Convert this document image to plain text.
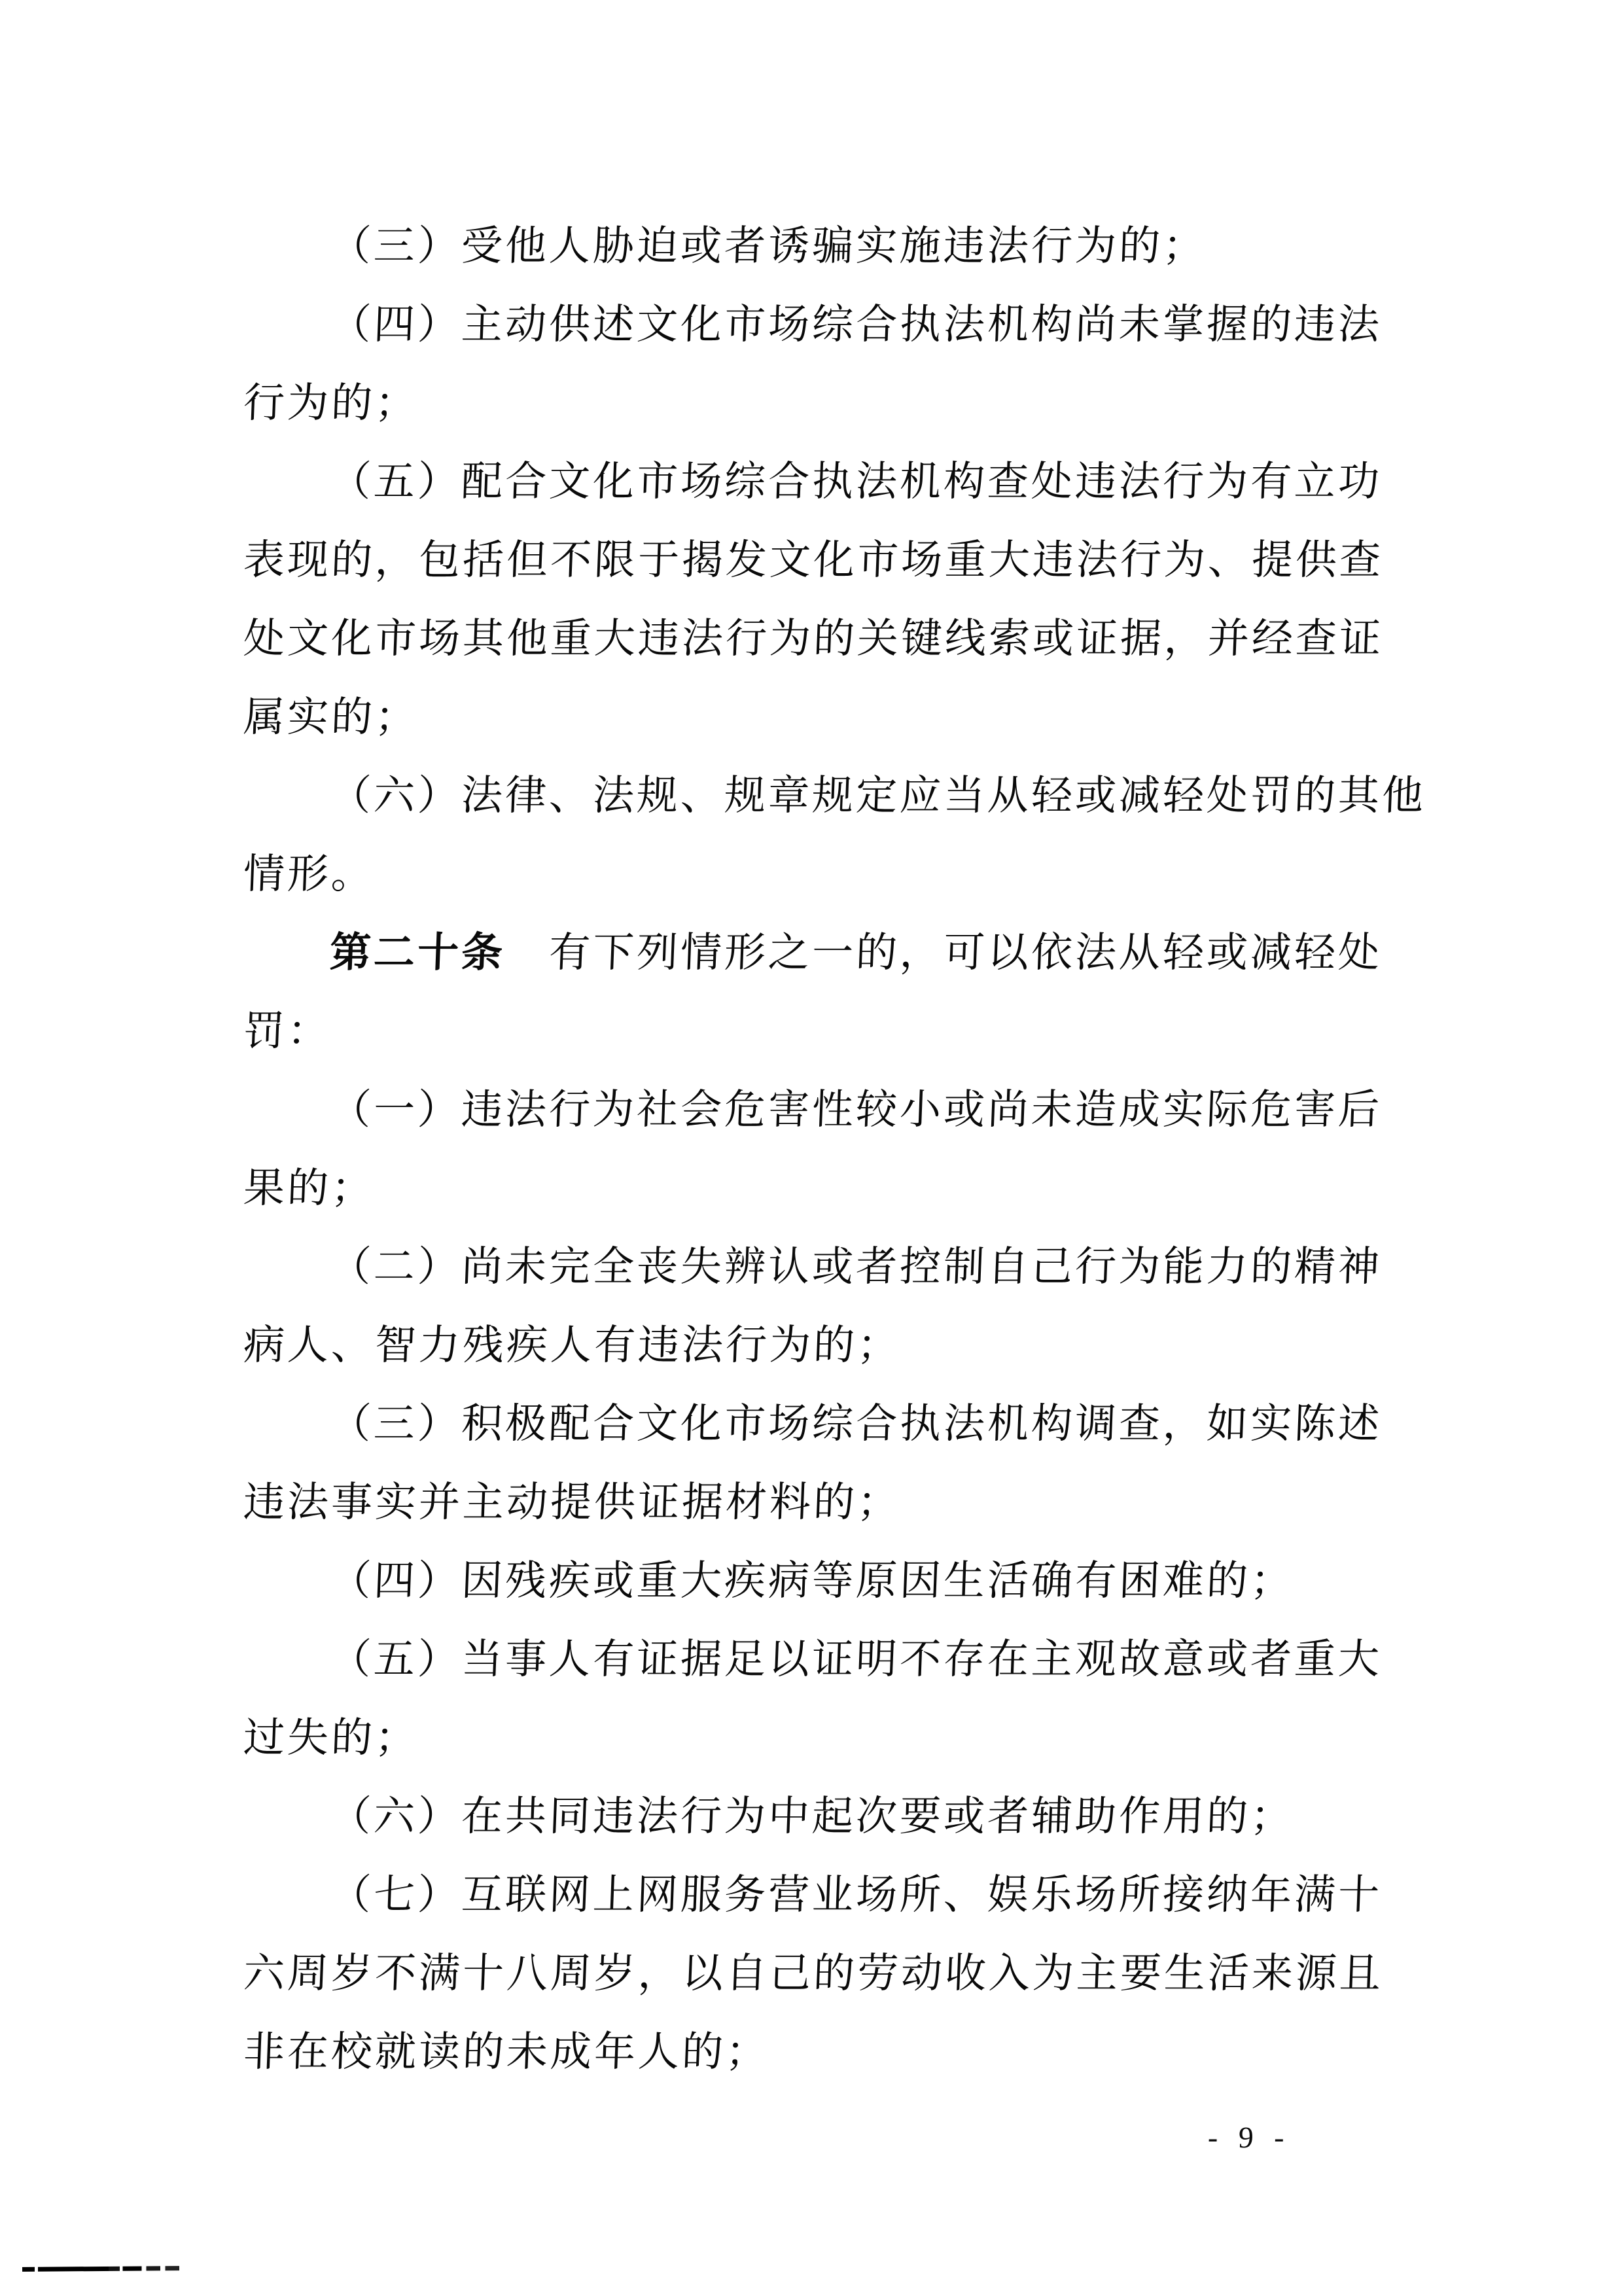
（三）受他人胁迫或者诱骗实施违法行为的；
（四）主动供述文化市场综合执法机构尚未掌握的违法
行为的；
（五）配合文化市场综合执法机构查处违法行为有立功
表现的，包括但不限于揭发文化市场重大违法行为、提供查
处文化市场其他重大违法行为的关键线索或证据，并经查证
属实的；
（六）法律、法规、规章规定应当从轻或减轻处罚的其他
情形。
第二十条　有下列情形之一的，可以依法从轻或减轻处
罚：
（一）违法行为社会危害性较小或尚未造成实际危害后
果的；
（二）尚未完全丧失辨认或者控制自己行为能力的精神
病人、智力残疾人有违法行为的；
（三）积极配合文化市场综合执法机构调查，如实陈述
违法事实并主动提供证据材料的；
（四）因残疾或重大疾病等原因生活确有困难的；
（五）当事人有证据足以证明不存在主观故意或者重大
过失的；
（六）在共同违法行为中起次要或者辅助作用的；
（七）互联网上网服务营业场所、娱乐场所接纳年满十
六周岁不满十八周岁，以自己的劳动收入为主要生活来源且
非在校就读的未成年人的；
- 9 -
